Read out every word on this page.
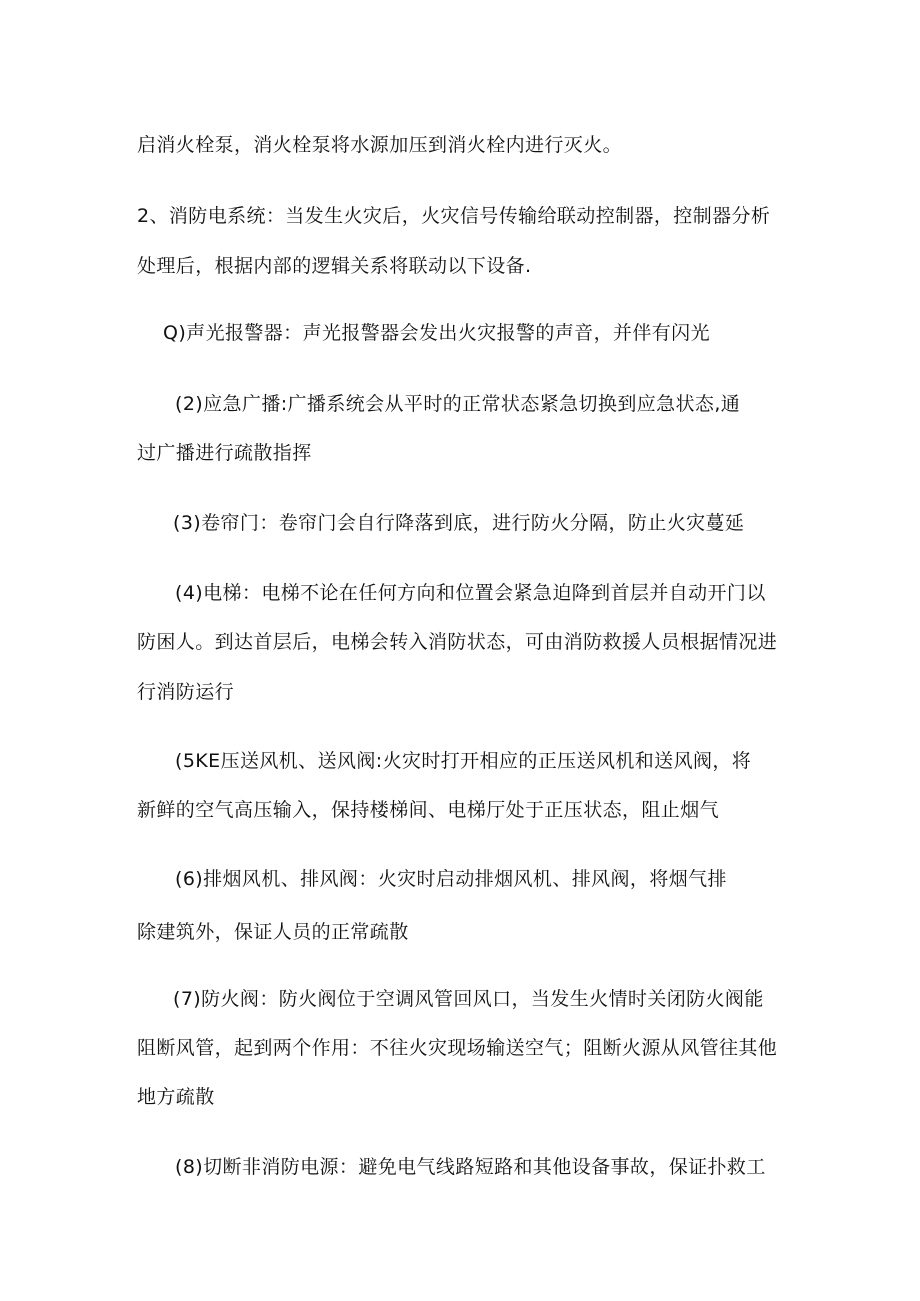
启消火栓泵，消火栓泵将水源加压到消火栓内进行灭火。
2、消防电系统：当发生火灾后，火灾信号传输给联动控制器，控制器分析
处理后，根据内部的逻辑关系将联动以下设备.
Q)声光报警器：声光报警器会发出火灾报警的声音，并伴有闪光
(2)应急广播:广播系统会从平时的正常状态紧急切换到应急状态,通
过广播进行疏散指挥
(3)卷帘门：卷帘门会自行降落到底，进行防火分隔，防止火灾蔓延
(4)电梯：电梯不论在任何方向和位置会紧急迫降到首层并自动开门以
防困人。到达首层后，电梯会转入消防状态，可由消防救援人员根据情况进
行消防运行
(5KE压送风机、送风阀:火灾时打开相应的正压送风机和送风阀，将
新鲜的空气高压输入，保持楼梯间、电梯厅处于正压状态，阻止烟气
(6)排烟风机、排风阀：火灾时启动排烟风机、排风阀，将烟气排
除建筑外，保证人员的正常疏散
(7)防火阀：防火阀位于空调风管回风口，当发生火情时关闭防火阀能
阻断风管，起到两个作用：不往火灾现场输送空气；阻断火源从风管往其他
地方疏散
(8)切断非消防电源：避免电气线路短路和其他设备事故，保证扑救工
